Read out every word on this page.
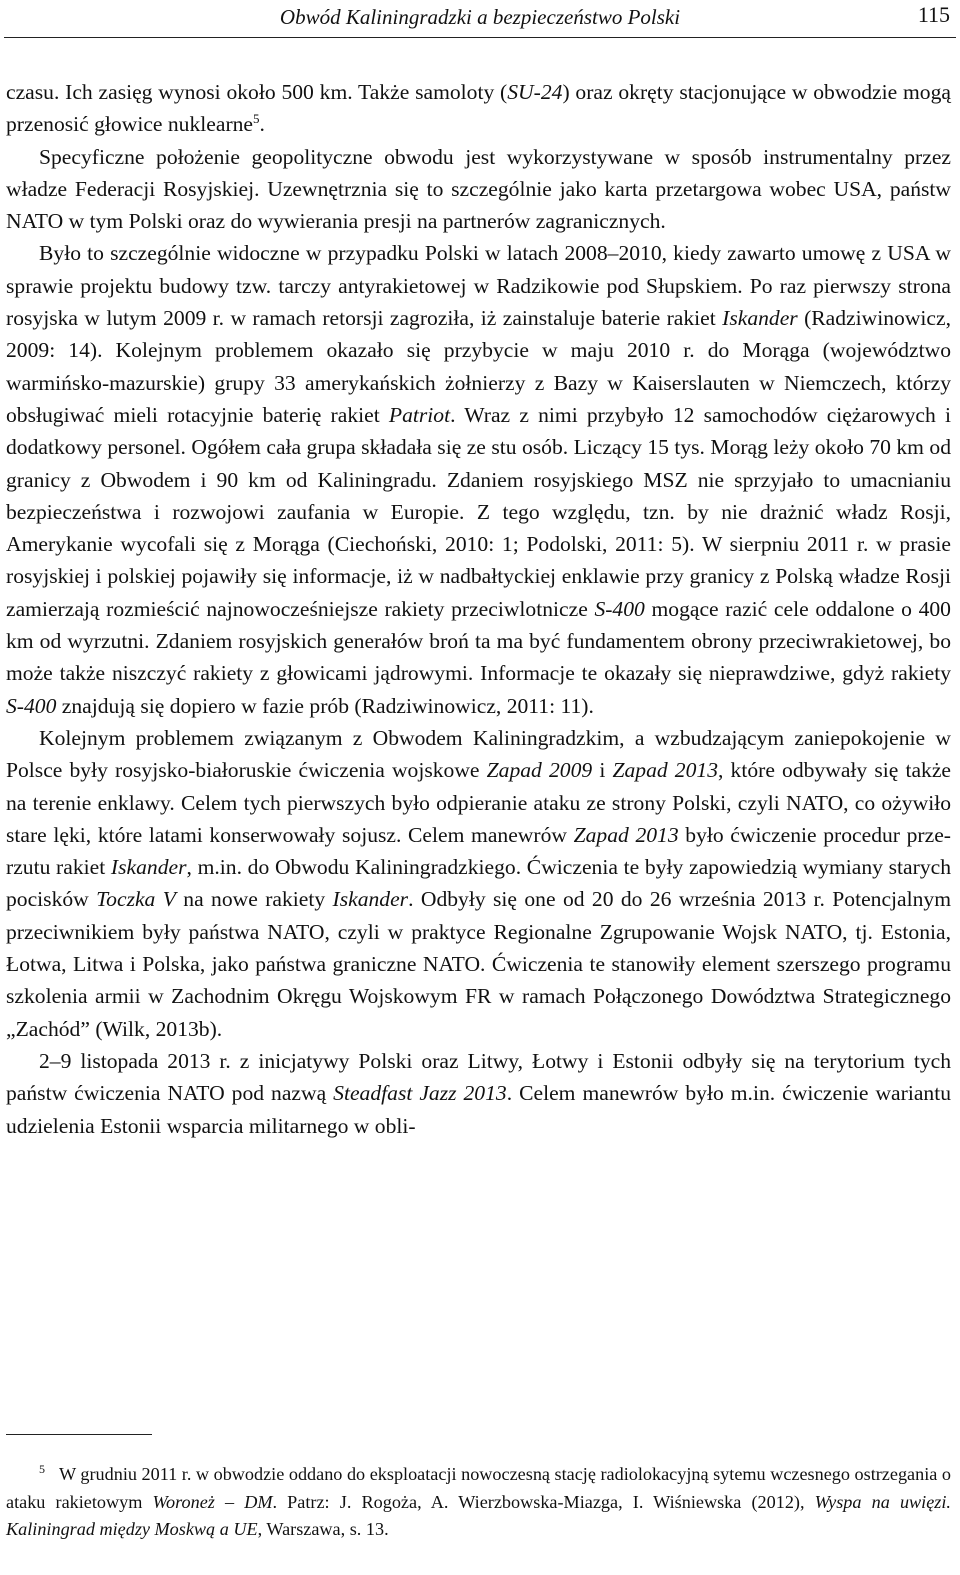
Obwód Kaliningradzki a bezpieczeństwo Polski	115

czasu. Ich zasięg wynosi około 500 km. Także samoloty (SU-24) oraz okręty stacjonujące w obwodzie mogą przenosić głowice nuklearne$^5$.

Specyficzne położenie geopolityczne obwodu jest wykorzystywane w sposób instrumentalny przez władze Federacji Rosyjskiej. Uzewnętrznia się to szczególnie jako karta przetargowa wobec USA, państw NATO w tym Polski oraz do wywierania presji na partnerów zagranicznych.

Było to szczególnie widoczne w przypadku Polski w latach 2008–2010, kiedy zawarto umowę z USA w sprawie projektu budowy tzw. tarczy antyrakietowej w Radzikowie pod Słupskiem. Po raz pierwszy strona rosyjska w lutym 2009 r. w ramach retorsji zagroziła, iż zainstaluje baterie rakiet Iskander (Radziwinowicz, 2009: 14). Kolejnym problemem okazało się przybycie w maju 2010 r. do Morąga (województwo warmińsko-mazurskie) grupy 33 amerykańskich żołnierzy z Bazy w Kaiserslauten w Niemczech, którzy obsługiwać mieli rotacyjnie baterię rakiet Patriot. Wraz z nimi przybyło 12 samochodów ciężarowych i dodatkowy personel. Ogółem cała grupa składała się ze stu osób. Liczący 15 tys. Morąg leży około 70 km od granicy z Obwodem i 90 km od Kaliningradu. Zdaniem rosyjskiego MSZ nie sprzyjało to umacnianiu bezpieczeństwa i rozwojowi zaufania w Europie. Z tego względu, tzn. by nie drażnić władz Rosji, Amerykanie wycofali się z Morąga (Ciechoński, 2010: 1; Podolski, 2011: 5). W sierpniu 2011 r. w prasie rosyjskiej i polskiej pojawiły się informacje, iż w nadbałtyckiej enklawie przy granicy z Polską władze Rosji zamierzają rozmieścić najnowocześniejsze rakiety przeciwlotnicze S-400 mogące razić cele oddalone o 400 km od wyrzutni. Zdaniem rosyjskich generałów broń ta ma być fundamentem obrony przeciwrakietowej, bo może także niszczyć rakiety z głowicami jądrowymi. Informacje te okazały się nieprawdziwe, gdyż rakiety S-400 znajdują się dopiero w fazie prób (Radziwinowicz, 2011: 11).

Kolejnym problemem związanym z Obwodem Kaliningradzkim, a wzbudzającym zaniepokojenie w Polsce były rosyjsko-białoruskie ćwiczenia wojskowe Zapad 2009 i Zapad 2013, które odbywały się także na terenie enklawy. Celem tych pierwszych było odpieranie ataku ze strony Polski, czyli NATO, co ożywiło stare lęki, które latami konserwowały sojusz. Celem manewrów Zapad 2013 było ćwiczenie procedur przerzutu rakiet Iskander, m.in. do Obwodu Kaliningradzkiego. Ćwiczenia te były zapowiedzią wymiany starych pocisków Toczka V na nowe rakiety Iskander. Odbyły się one od 20 do 26 września 2013 r. Potencjalnym przeciwnikiem były państwa NATO, czyli w praktyce Regionalne Zgrupowanie Wojsk NATO, tj. Estonia, Łotwa, Litwa i Polska, jako państwa graniczne NATO. Ćwiczenia te stanowiły element szerszego programu szkolenia armii w Zachodnim Okręgu Wojskowym FR w ramach Połączonego Dowództwa Strategicznego „Zachód” (Wilk, 2013b).

2–9 listopada 2013 r. z inicjatywy Polski oraz Litwy, Łotwy i Estonii odbyły się na terytorium tych państw ćwiczenia NATO pod nazwą Steadfast Jazz 2013. Celem manewrów było m.in. ćwiczenie wariantu udzielenia Estonii wsparcia militarnego w obli-

$^5$ W grudniu 2011 r. w obwodzie oddano do eksploatacji nowoczesną stację radiolokacyjną sytemu wczesnego ostrzegania o ataku rakietowym Woroneż – DM. Patrz: J. Rogoża, A. Wierzbowska-Miazga, I. Wiśniewska (2012), Wyspa na uwięzi. Kaliningrad między Moskwą a UE, Warszawa, s. 13.
